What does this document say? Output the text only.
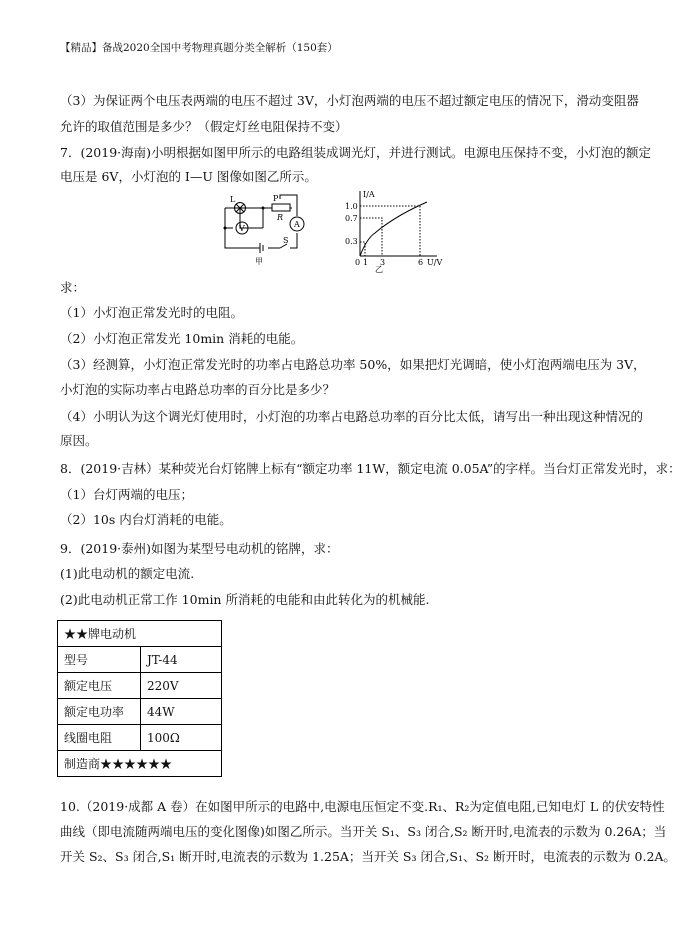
【精品】备战2020全国中考物理真题分类全解析（150套）
（3）为保证两个电压表两端的电压不超过 3V，小灯泡两端的电压不超过额定电压的情况下，滑动变阻器
允许的取值范围是多少？（假定灯丝电阻保持不变）
7．(2019·海南)小明根据如图甲所示的电路组装成调光灯，并进行测试。电源电压保持不变，小灯泡的额定
电压是 6V，小灯泡的 I—U 图像如图乙所示。
L
V	A
P
R
S
甲
I/A
1.0
0.7
0.3
0 1 3	6 U/V
乙
求：
（1）小灯泡正常发光时的电阻。
（2）小灯泡正常发光 10min 消耗的电能。
（3）经测算，小灯泡正常发光时的功率占电路总功率 50%，如果把灯光调暗，使小灯泡两端电压为 3V，
小灯泡的实际功率占电路总功率的百分比是多少？
（4）小明认为这个调光灯使用时，小灯泡的功率占电路总功率的百分比太低，请写出一种出现这种情况的
原因。
8．(2019·吉林）某种荧光台灯铭牌上标有“额定功率 11W，额定电流 0.05A”的字样。当台灯正常发光时，求：
（1）台灯两端的电压；
（2）10s 内台灯消耗的电能。
9．(2019·泰州)如图为某型号电动机的铭牌，求：
(1)此电动机的额定电流.
(2)此电动机正常工作 10min 所消耗的电能和由此转化为的机械能.
★★牌电动机	
型号	JT-44
额定电压	220V
额定电功率	44W
线圈电阻	100Ω
制造商★★★★★★	
10.（2019·成都 A 卷）在如图甲所示的电路中,电源电压恒定不变.R₁、R₂为定值电阻,已知电灯 L 的伏安特性
曲线（即电流随两端电压的变化图像)如图乙所示。当开关 S₁、S₃ 闭合,S₂ 断开时,电流表的示数为 0.26A；当
开关 S₂、S₃ 闭合,S₁ 断开时,电流表的示数为 1.25A；当开关 S₃ 闭合,S₁、S₂ 断开时，电流表的示数为 0.2A。
